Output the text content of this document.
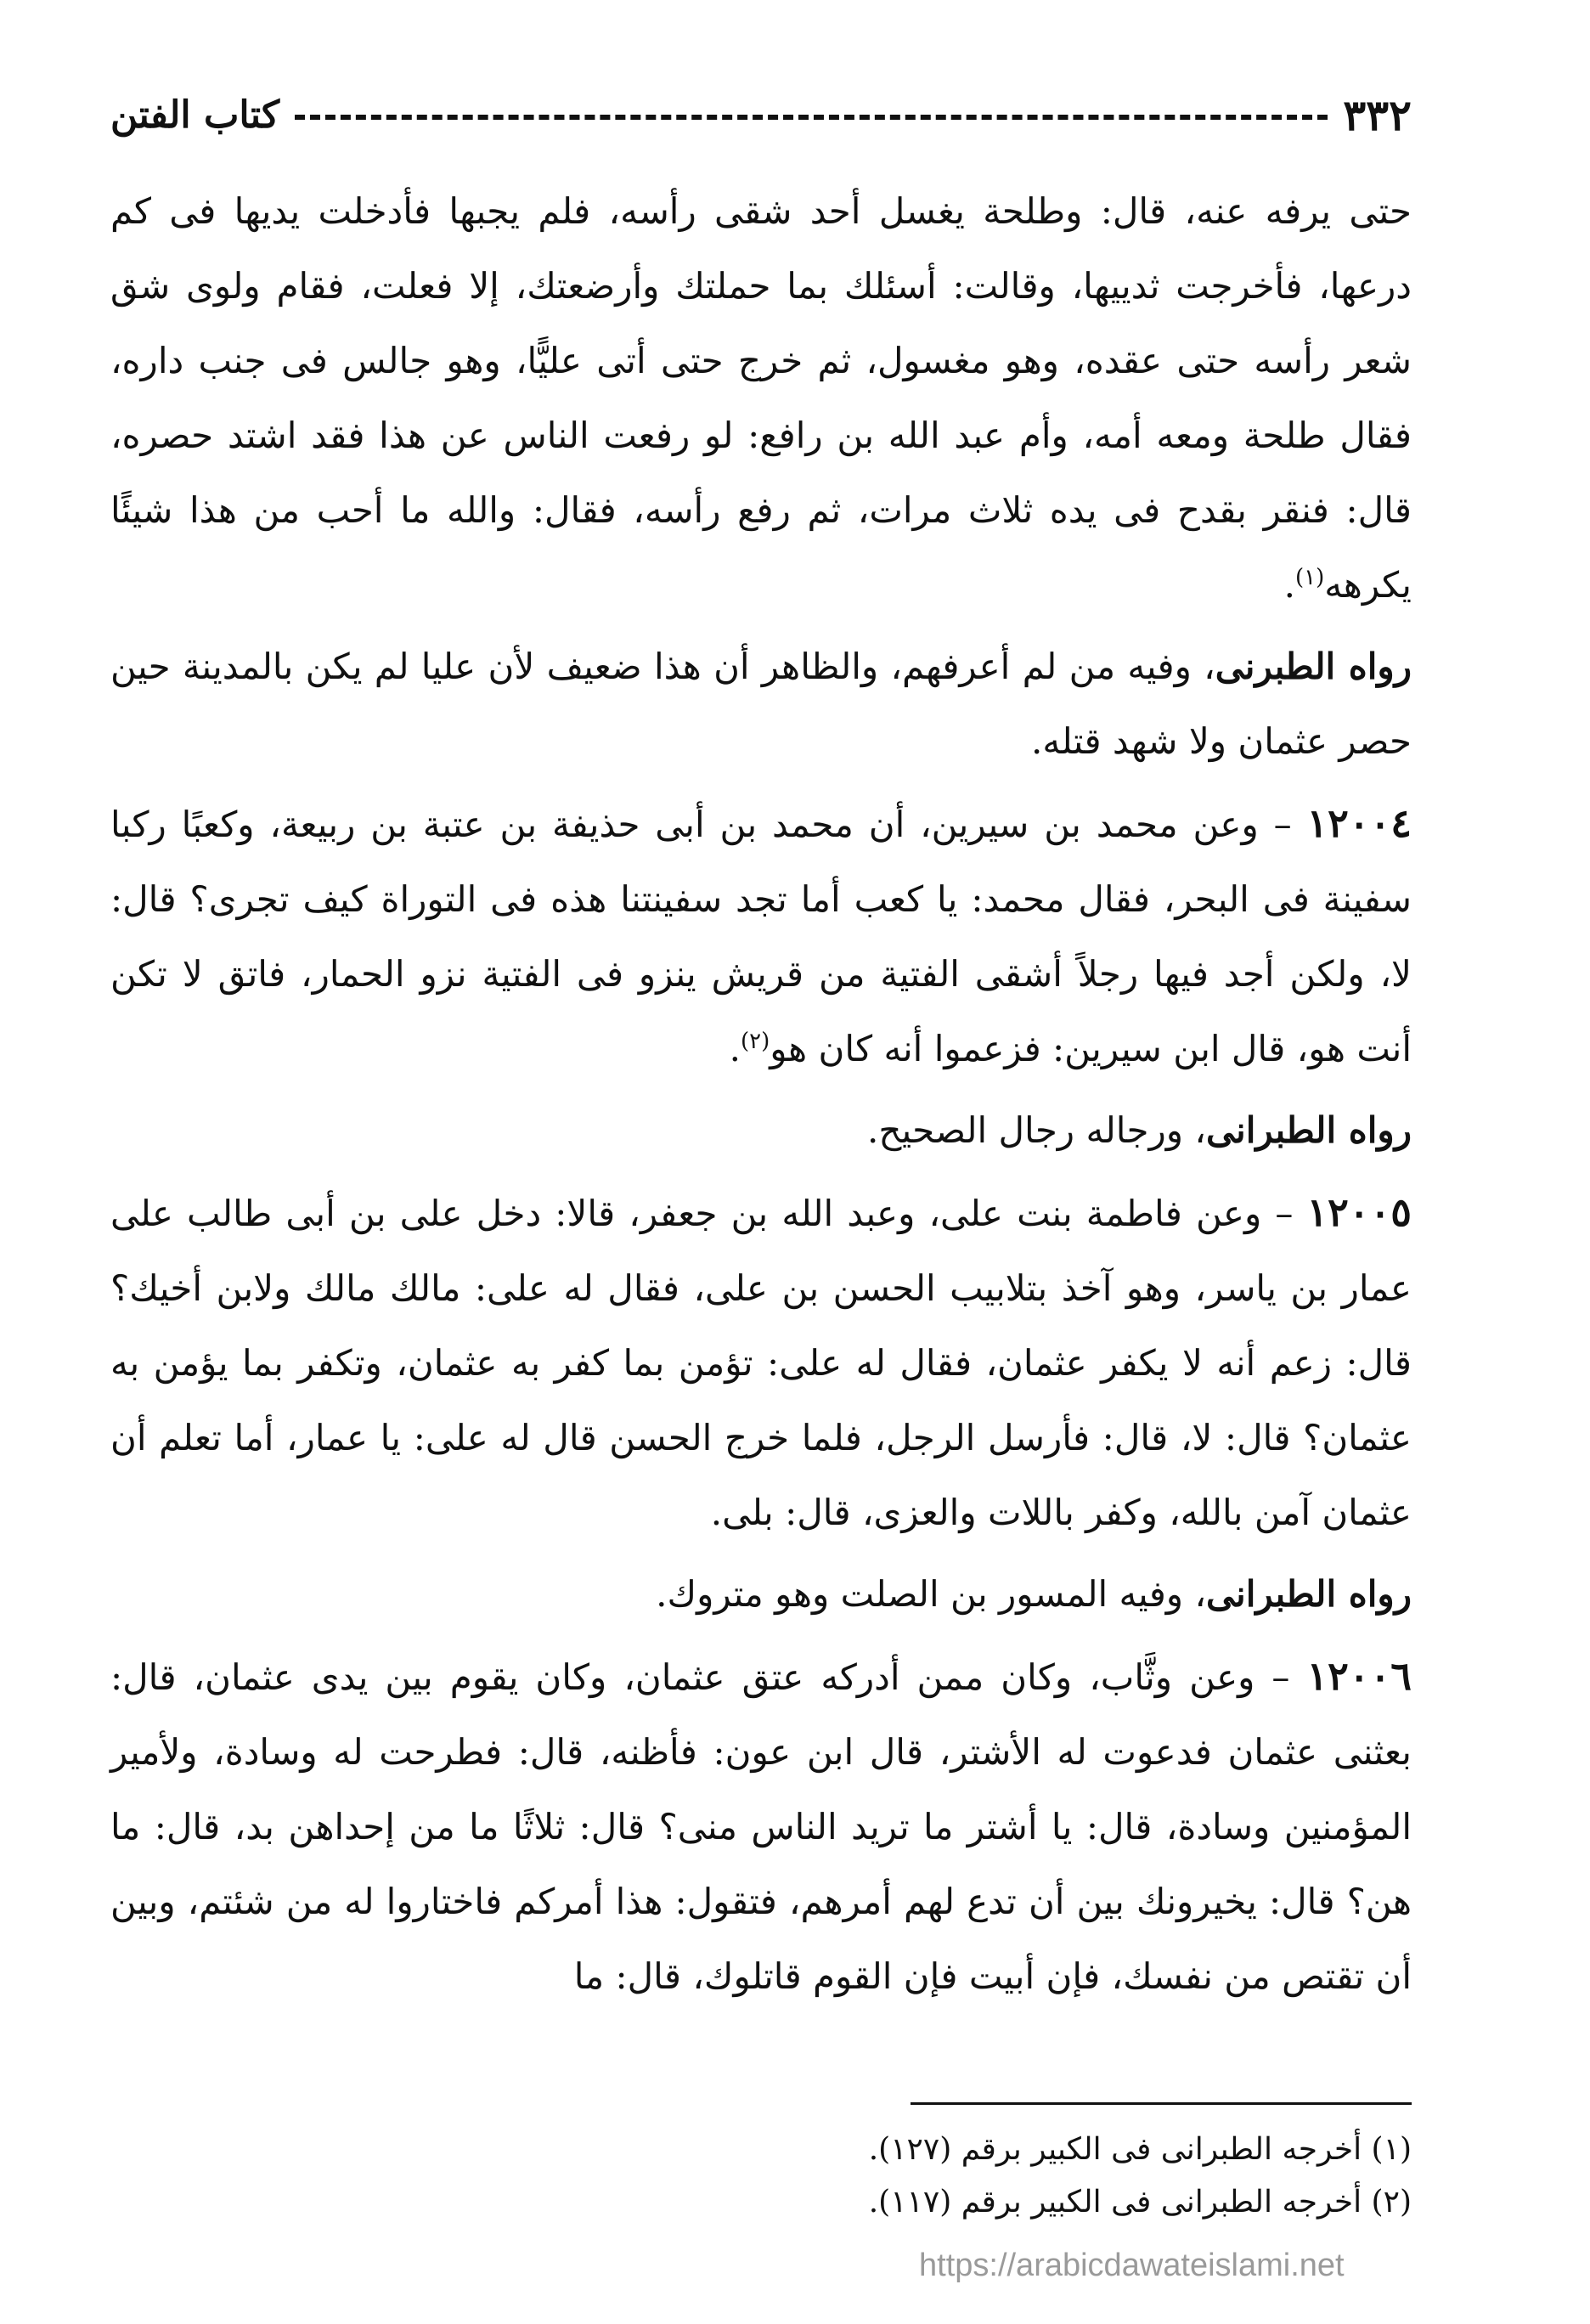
٣٣٢
كتاب الفتن

حتى يرفه عنه، قال: وطلحة يغسل أحد شقى رأسه، فلم يجبها فأدخلت يديها فى كم درعها، فأخرجت ثدييها، وقالت: أسئلك بما حملتك وأرضعتك، إلا فعلت، فقام ولوى شق شعر رأسه حتى عقده، وهو مغسول، ثم خرج حتى أتى عليًّا، وهو جالس فى جنب داره، فقال طلحة ومعه أمه، وأم عبد الله بن رافع: لو رفعت الناس عن هذا فقد اشتد حصره، قال: فنقر بقدح فى يده ثلاث مرات، ثم رفع رأسه، فقال: والله ما أحب من هذا شيئًا يكرهه$^{(١)}$.

رواه الطبرنى، وفيه من لم أعرفهم، والظاهر أن هذا ضعيف لأن عليا لم يكن بالمدينة حين حصر عثمان ولا شهد قتله.

١٢٠٠٤ – وعن محمد بن سيرين، أن محمد بن أبى حذيفة بن عتبة بن ربيعة، وكعبًا ركبا سفينة فى البحر، فقال محمد: يا كعب أما تجد سفينتنا هذه فى التوراة كيف تجرى؟ قال: لا، ولكن أجد فيها رجلاً أشقى الفتية من قريش ينزو فى الفتية نزو الحمار، فاتق لا تكن أنت هو، قال ابن سيرين: فزعموا أنه كان هو$^{(٢)}$.

رواه الطبرانى، ورجاله رجال الصحيح.

١٢٠٠٥ – وعن فاطمة بنت على، وعبد الله بن جعفر، قالا: دخل على بن أبى طالب على عمار بن ياسر، وهو آخذ بتلابيب الحسن بن على، فقال له على: مالك مالك ولابن أخيك؟ قال: زعم أنه لا يكفر عثمان، فقال له على: تؤمن بما كفر به عثمان، وتكفر بما يؤمن به عثمان؟ قال: لا، قال: فأرسل الرجل، فلما خرج الحسن قال له على: يا عمار، أما تعلم أن عثمان آمن بالله، وكفر باللات والعزى، قال: بلى.

رواه الطبرانى، وفيه المسور بن الصلت وهو متروك.

١٢٠٠٦ – وعن وثَّاب، وكان ممن أدركه عتق عثمان، وكان يقوم بين يدى عثمان، قال: بعثنى عثمان فدعوت له الأشتر، قال ابن عون: فأظنه، قال: فطرحت له وسادة، ولأمير المؤمنين وسادة، قال: يا أشتر ما تريد الناس منى؟ قال: ثلاثًا ما من إحداهن بد، قال: ما هن؟ قال: يخيرونك بين أن تدع لهم أمرهم، فتقول: هذا أمركم فاختاروا له من شئتم، وبين أن تقتص من نفسك، فإن أبيت فإن القوم قاتلوك، قال: ما

(١) أخرجه الطبرانى فى الكبير برقم (١٢٧).

(٢) أخرجه الطبرانى فى الكبير برقم (١١٧).

https://arabicdawateislami.net
